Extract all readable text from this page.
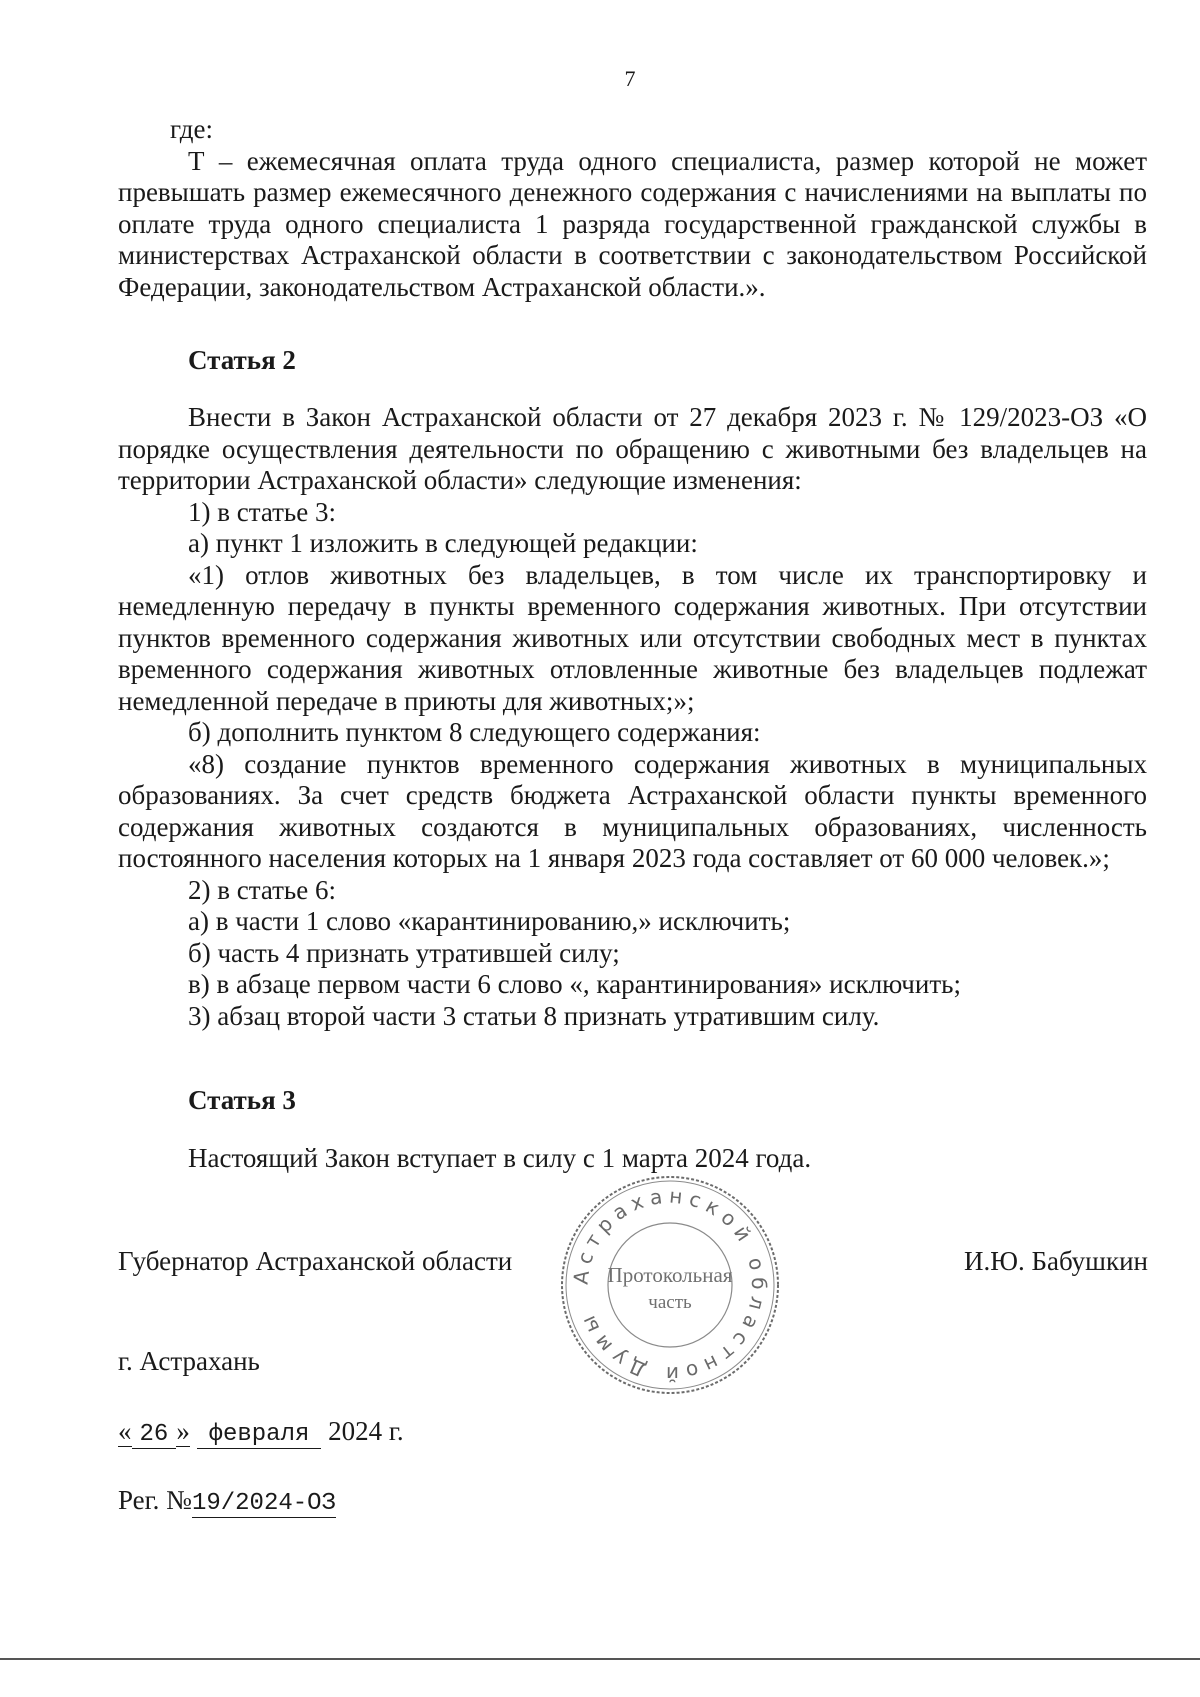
7

где:

Т – ежемесячная оплата труда одного специалиста, размер которой не может превышать размер ежемесячного денежного содержания с начислениями на выплаты по оплате труда одного специалиста 1 разряда государственной гражданской службы в министерствах Астраханской области в соответствии с законодательством Российской Федерации, законодательством Астраханской области.».

Статья 2

Внести в Закон Астраханской области от 27 декабря 2023 г. № 129/2023-ОЗ «О порядке осуществления деятельности по обращению с животными без владельцев на территории Астраханской области» следующие изменения:

1) в статье 3:

а) пункт 1 изложить в следующей редакции:

«1) отлов животных без владельцев, в том числе их транспортировку и немедленную передачу в пункты временного содержания животных. При отсутствии пунктов временного содержания животных или отсутствии свободных мест в пунктах временного содержания животных отловленные животные без владельцев подлежат немедленной передаче в приюты для животных;»;

б) дополнить пунктом 8 следующего содержания:

«8) создание пунктов временного содержания животных в муниципальных образованиях. За счет средств бюджета Астраханской области пункты временного содержания животных создаются в муниципальных образованиях, численность постоянного населения которых на 1 января 2023 года составляет от 60 000 человек.»;

2) в статье 6:

а) в части 1 слово «карантинированию,» исключить;

б) часть 4 признать утратившей силу;

в) в абзаце первом части 6 слово «, карантинирования» исключить;

3) абзац второй части 3 статьи 8 признать утратившим силу.

Статья 3
Настоящий Закон вступает в силу с 1 марта 2024 года.
Губернатор Астраханской области	И.Ю. Бабушкин
Астраханской областной Думы
Протокольная
часть
г. Астрахань
« 26 » февраля 2024 г.
Рег. №19/2024-ОЗ
